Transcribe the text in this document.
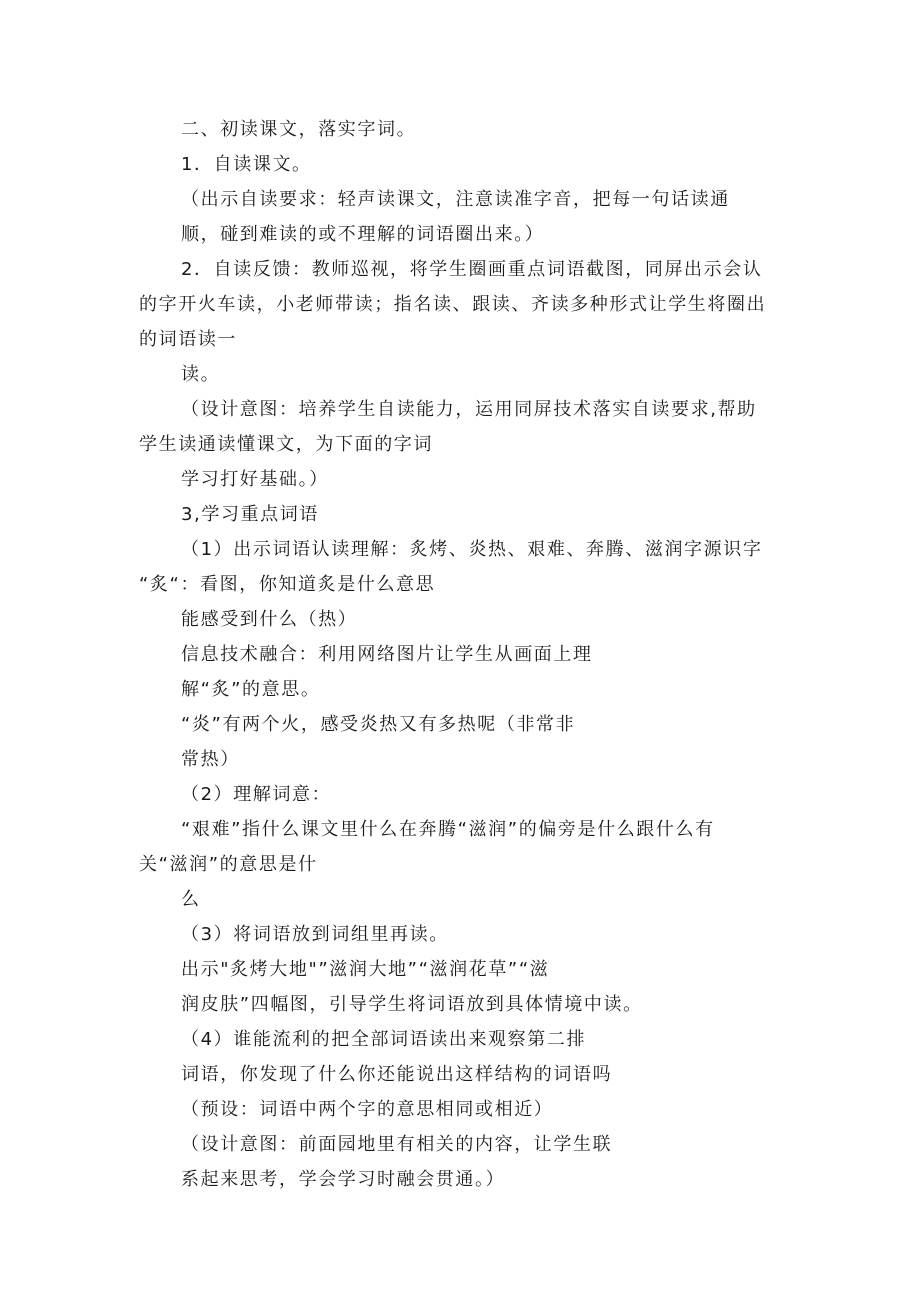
二、初读课文，落实字词。
1．自读课文。
（出示自读要求：轻声读课文，注意读准字音，把每一句话读通
顺，碰到难读的或不理解的词语圈出来。）
2．自读反馈：教师巡视，将学生圈画重点词语截图，同屏出示会认
的字开火车读，小老师带读；指名读、跟读、齐读多种形式让学生将圈出
的词语读一
读。
（设计意图：培养学生自读能力，运用同屏技术落实自读要求,帮助
学生读通读懂课文，为下面的字词
学习打好基础。）
3,学习重点词语
（1）出示词语认读理解：炙烤、炎热、艰难、奔腾、滋润字源识字
“炙“：看图，你知道炙是什么意思
能感受到什么（热）
信息技术融合：利用网络图片让学生从画面上理
解“炙”的意思。
“炎”有两个火，感受炎热又有多热呢（非常非
常热）
（2）理解词意：
“艰难”指什么课文里什么在奔腾“滋润”的偏旁是什么跟什么有
关“滋润”的意思是什
么
（3）将词语放到词组里再读。
出示"炙烤大地"”滋润大地”“滋润花草”“滋
润皮肤”四幅图，引导学生将词语放到具体情境中读。
（4）谁能流利的把全部词语读出来观察第二排
词语，你发现了什么你还能说出这样结构的词语吗
（预设：词语中两个字的意思相同或相近）
（设计意图：前面园地里有相关的内容，让学生联
系起来思考，学会学习时融会贯通。）
